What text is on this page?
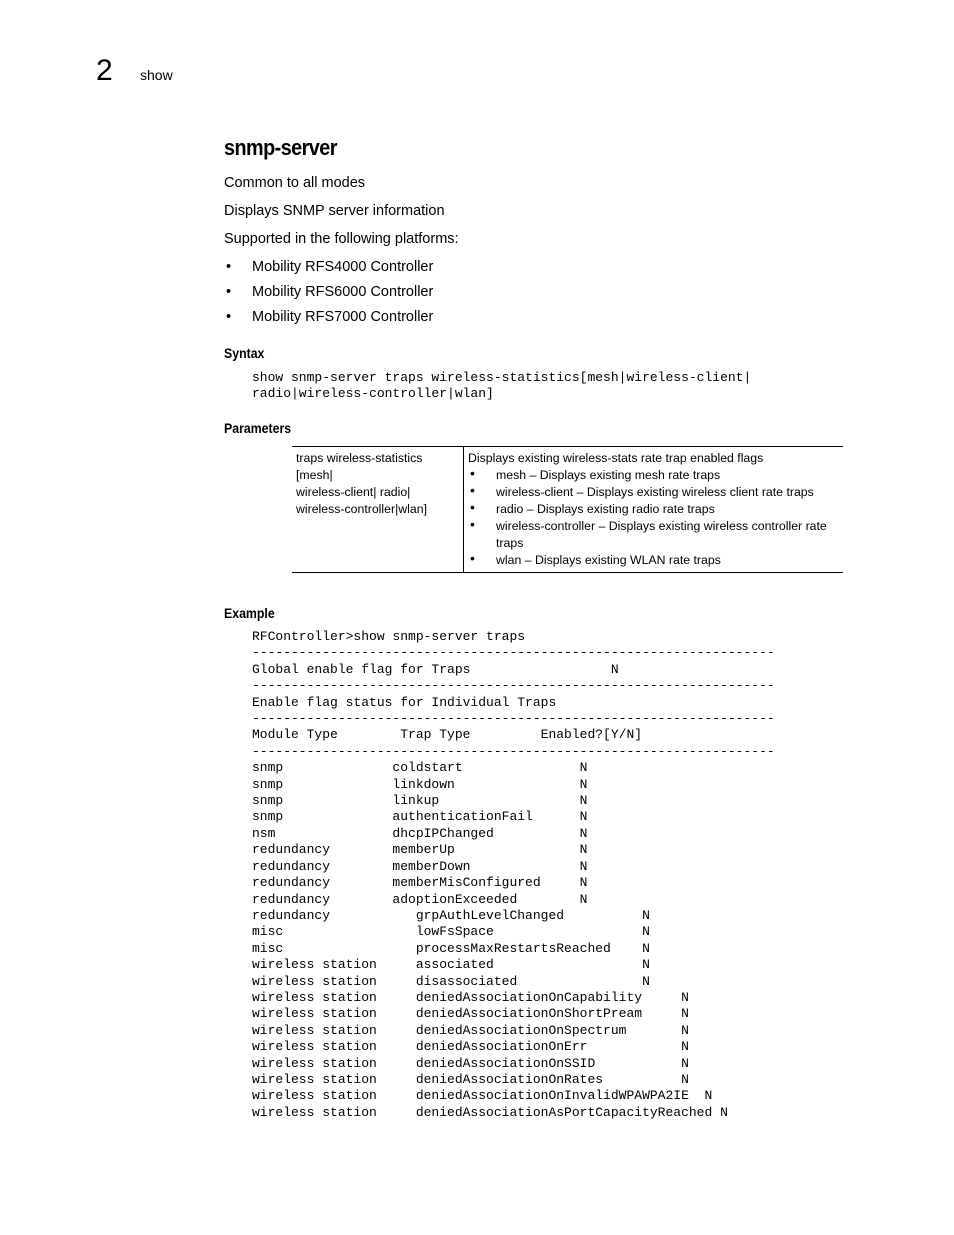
2 show
snmp-server
Common to all modes
Displays SNMP server information
Supported in the following platforms:
• Mobility RFS4000 Controller
• Mobility RFS6000 Controller
• Mobility RFS7000 Controller
Syntax
show snmp-server traps wireless-statistics[mesh|wireless-client|
radio|wireless-controller|wlan]
Parameters
traps wireless-statistics
[mesh|
wireless-client| radio|
wireless-controller|wlan]

Displays existing wireless-stats rate trap enabled flags
• mesh – Displays existing mesh rate traps
• wireless-client – Displays existing wireless client rate traps
• radio – Displays existing radio rate traps
• wireless-controller – Displays existing wireless controller rate traps
• wlan – Displays existing WLAN rate traps
Example
RFController>show snmp-server traps
-------------------------------------------------------------------
Global enable flag for Traps                  N
-------------------------------------------------------------------
Enable flag status for Individual Traps
-------------------------------------------------------------------
Module Type        Trap Type         Enabled?[Y/N]
-------------------------------------------------------------------
snmp              coldstart               N
snmp              linkdown                N
snmp              linkup                  N
snmp              authenticationFail      N
nsm               dhcpIPChanged           N
redundancy        memberUp                N
redundancy        memberDown              N
redundancy        memberMisConfigured     N
redundancy        adoptionExceeded        N
redundancy           grpAuthLevelChanged          N
misc                 lowFsSpace                   N
misc                 processMaxRestartsReached    N
wireless station     associated                   N
wireless station     disassociated                N
wireless station     deniedAssociationOnCapability     N
wireless station     deniedAssociationOnShortPream     N
wireless station     deniedAssociationOnSpectrum       N
wireless station     deniedAssociationOnErr            N
wireless station     deniedAssociationOnSSID           N
wireless station     deniedAssociationOnRates          N
wireless station     deniedAssociationOnInvalidWPAWPA2IE  N
wireless station     deniedAssociationAsPortCapacityReached N
